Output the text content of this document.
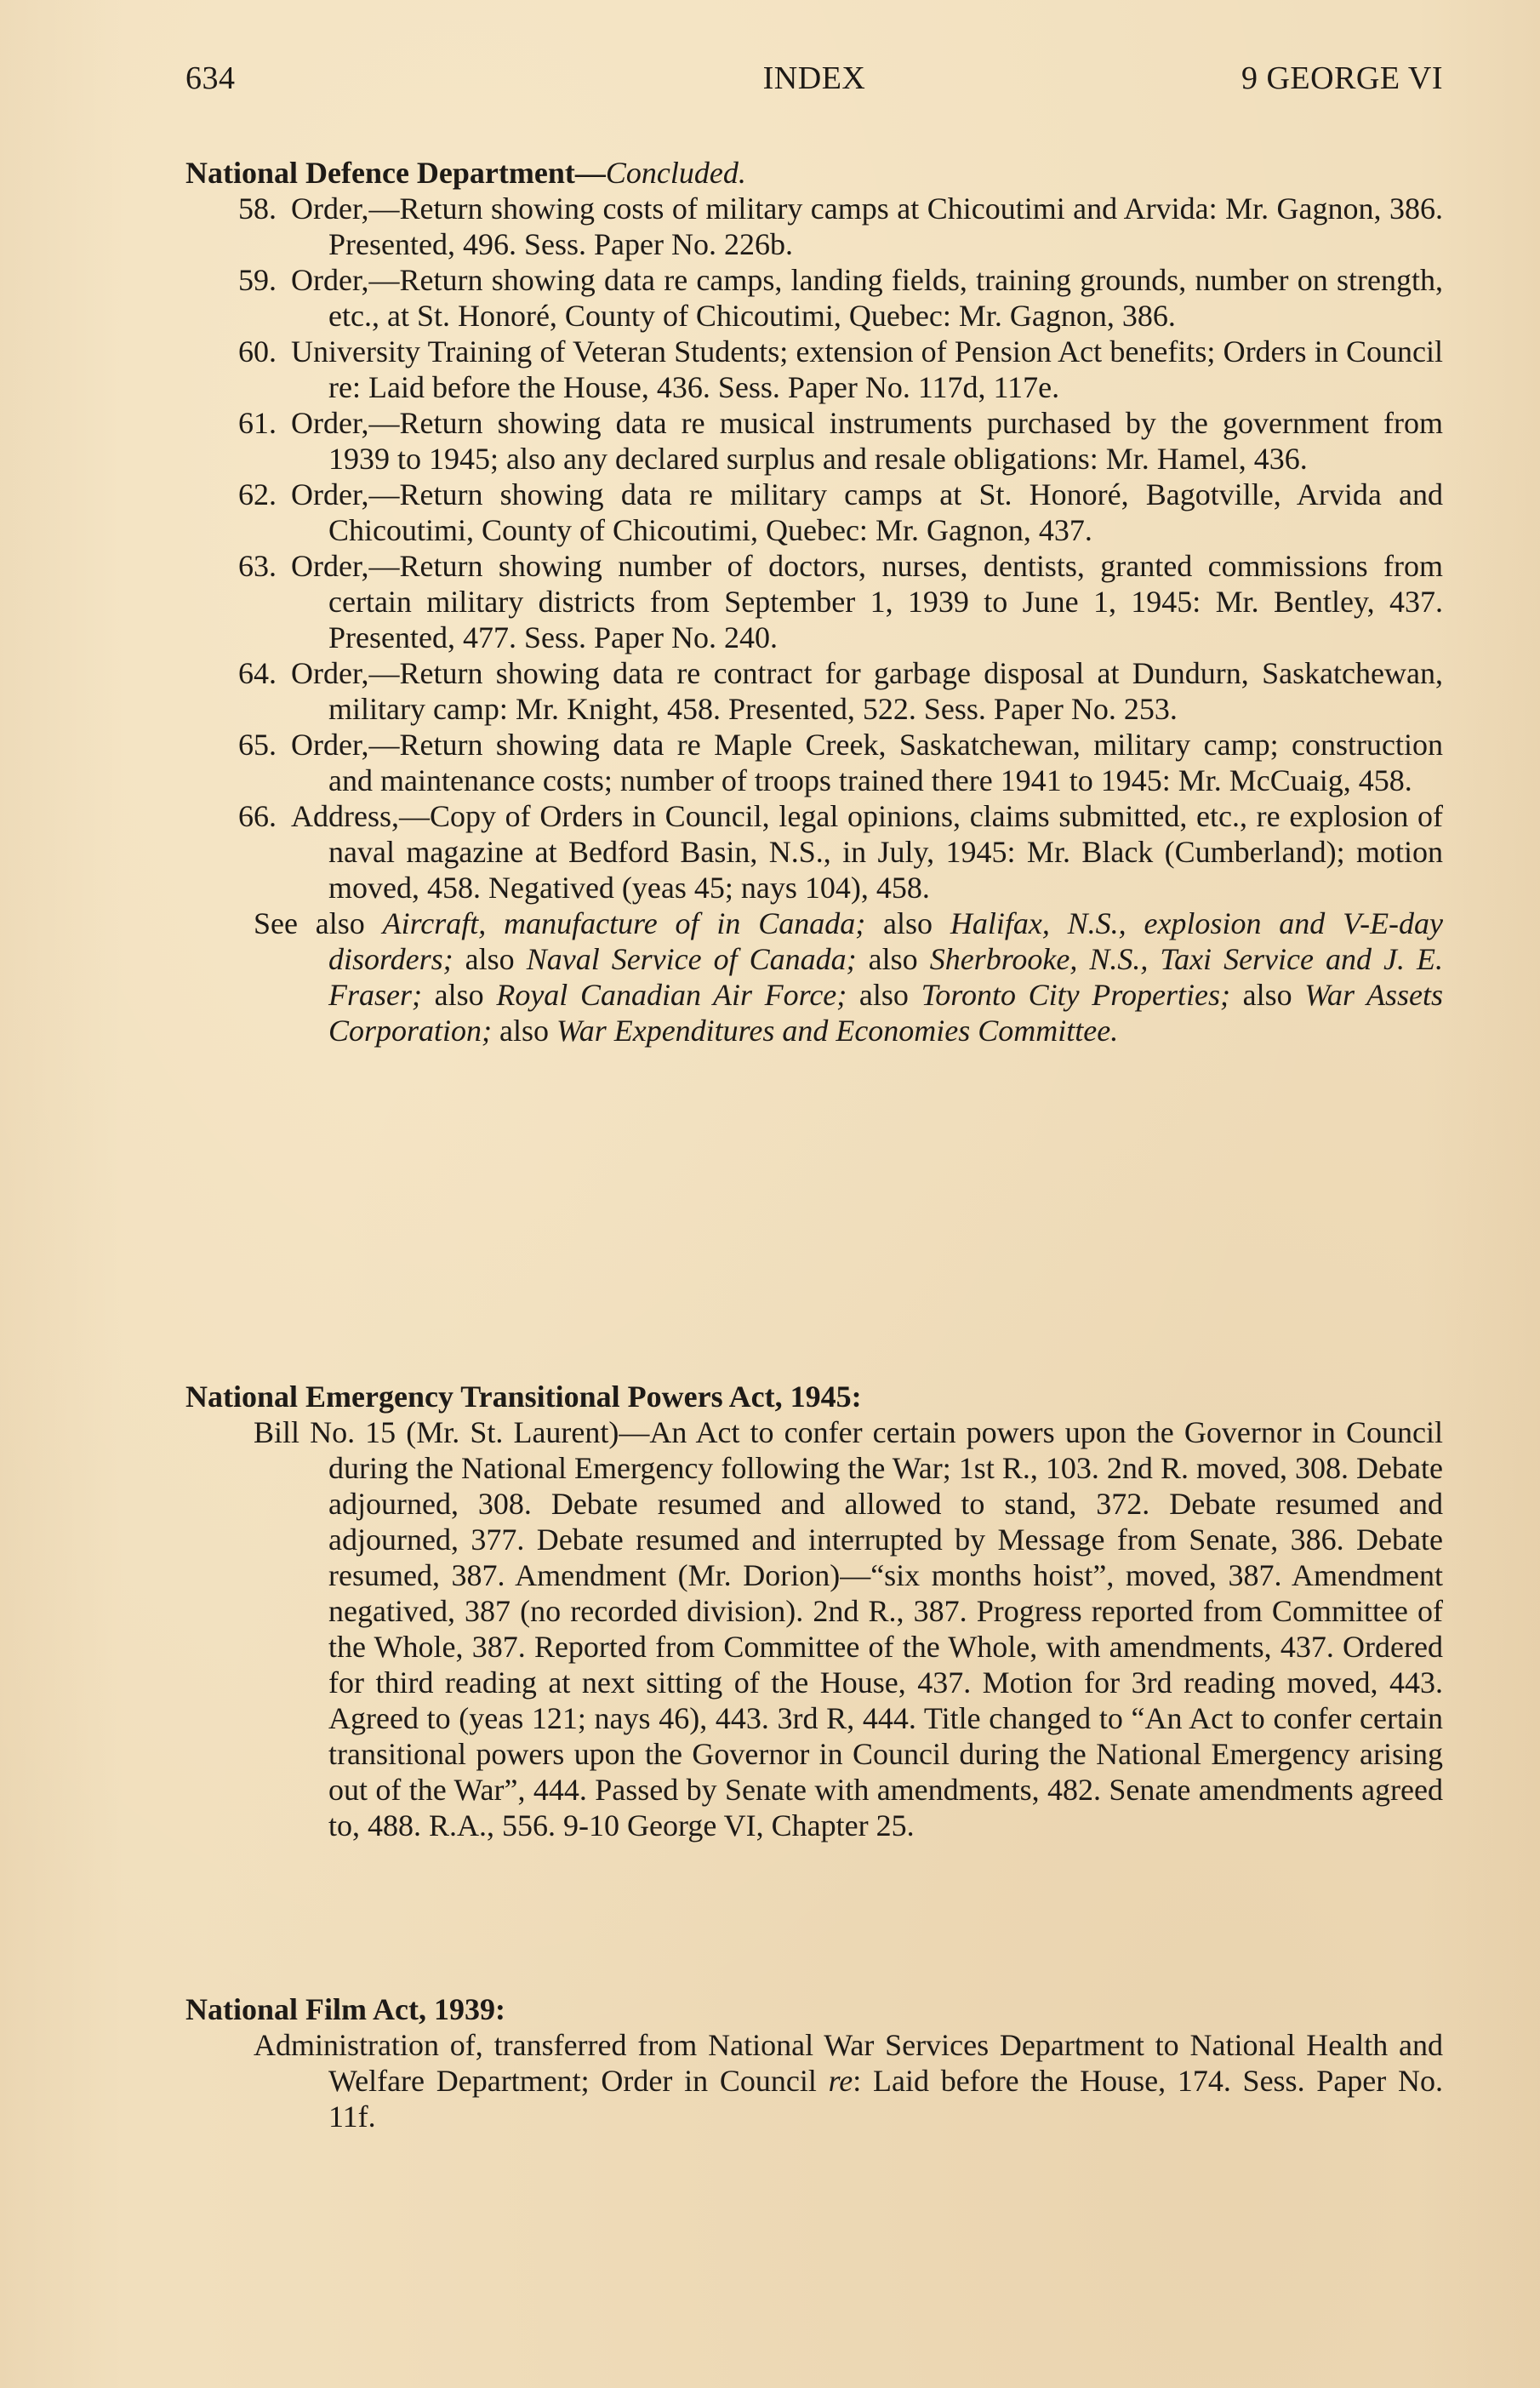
634	INDEX	9 GEORGE VI
National Defence Department—Concluded.
58. Order,—Return showing costs of military camps at Chicoutimi and Arvida: Mr. Gagnon, 386. Presented, 496. Sess. Paper No. 226b.
59. Order,—Return showing data re camps, landing fields, training grounds, number on strength, etc., at St. Honoré, County of Chicoutimi, Quebec: Mr. Gagnon, 386.
60. University Training of Veteran Students; extension of Pension Act benefits; Orders in Council re: Laid before the House, 436. Sess. Paper No. 117d, 117e.
61. Order,—Return showing data re musical instruments purchased by the government from 1939 to 1945; also any declared surplus and resale obligations: Mr. Hamel, 436.
62. Order,—Return showing data re military camps at St. Honoré, Bagotville, Arvida and Chicoutimi, County of Chicoutimi, Quebec: Mr. Gagnon, 437.
63. Order,—Return showing number of doctors, nurses, dentists, granted commissions from certain military districts from September 1, 1939 to June 1, 1945: Mr. Bentley, 437. Presented, 477. Sess. Paper No. 240.
64. Order,—Return showing data re contract for garbage disposal at Dundurn, Saskatchewan, military camp: Mr. Knight, 458. Presented, 522. Sess. Paper No. 253.
65. Order,—Return showing data re Maple Creek, Saskatchewan, military camp; construction and maintenance costs; number of troops trained there 1941 to 1945: Mr. McCuaig, 458.
66. Address,—Copy of Orders in Council, legal opinions, claims submitted, etc., re explosion of naval magazine at Bedford Basin, N.S., in July, 1945: Mr. Black (Cumberland); motion moved, 458. Negatived (yeas 45; nays 104), 458.
See also Aircraft, manufacture of in Canada; also Halifax, N.S., explosion and V-E-day disorders; also Naval Service of Canada; also Sherbrooke, N.S., Taxi Service and J. E. Fraser; also Royal Canadian Air Force; also Toronto City Properties; also War Assets Corporation; also War Expenditures and Economies Committee.
National Emergency Transitional Powers Act, 1945:
Bill No. 15 (Mr. St. Laurent)—An Act to confer certain powers upon the Governor in Council during the National Emergency following the War; 1st R., 103. 2nd R. moved, 308. Debate adjourned, 308. Debate resumed and allowed to stand, 372. Debate resumed and adjourned, 377. Debate resumed and interrupted by Message from Senate, 386. Debate resumed, 387. Amendment (Mr. Dorion)—“six months hoist”, moved, 387. Amendment negatived, 387 (no recorded division). 2nd R., 387. Progress reported from Committee of the Whole, 387. Reported from Committee of the Whole, with amendments, 437. Ordered for third reading at next sitting of the House, 437. Motion for 3rd reading moved, 443. Agreed to (yeas 121; nays 46), 443. 3rd R, 444. Title changed to “An Act to confer certain transitional powers upon the Governor in Council during the National Emergency arising out of the War”, 444. Passed by Senate with amendments, 482. Senate amendments agreed to, 488. R.A., 556. 9-10 George VI, Chapter 25.
National Film Act, 1939:
Administration of, transferred from National War Services Department to National Health and Welfare Department; Order in Council re: Laid before the House, 174. Sess. Paper No. 11f.
